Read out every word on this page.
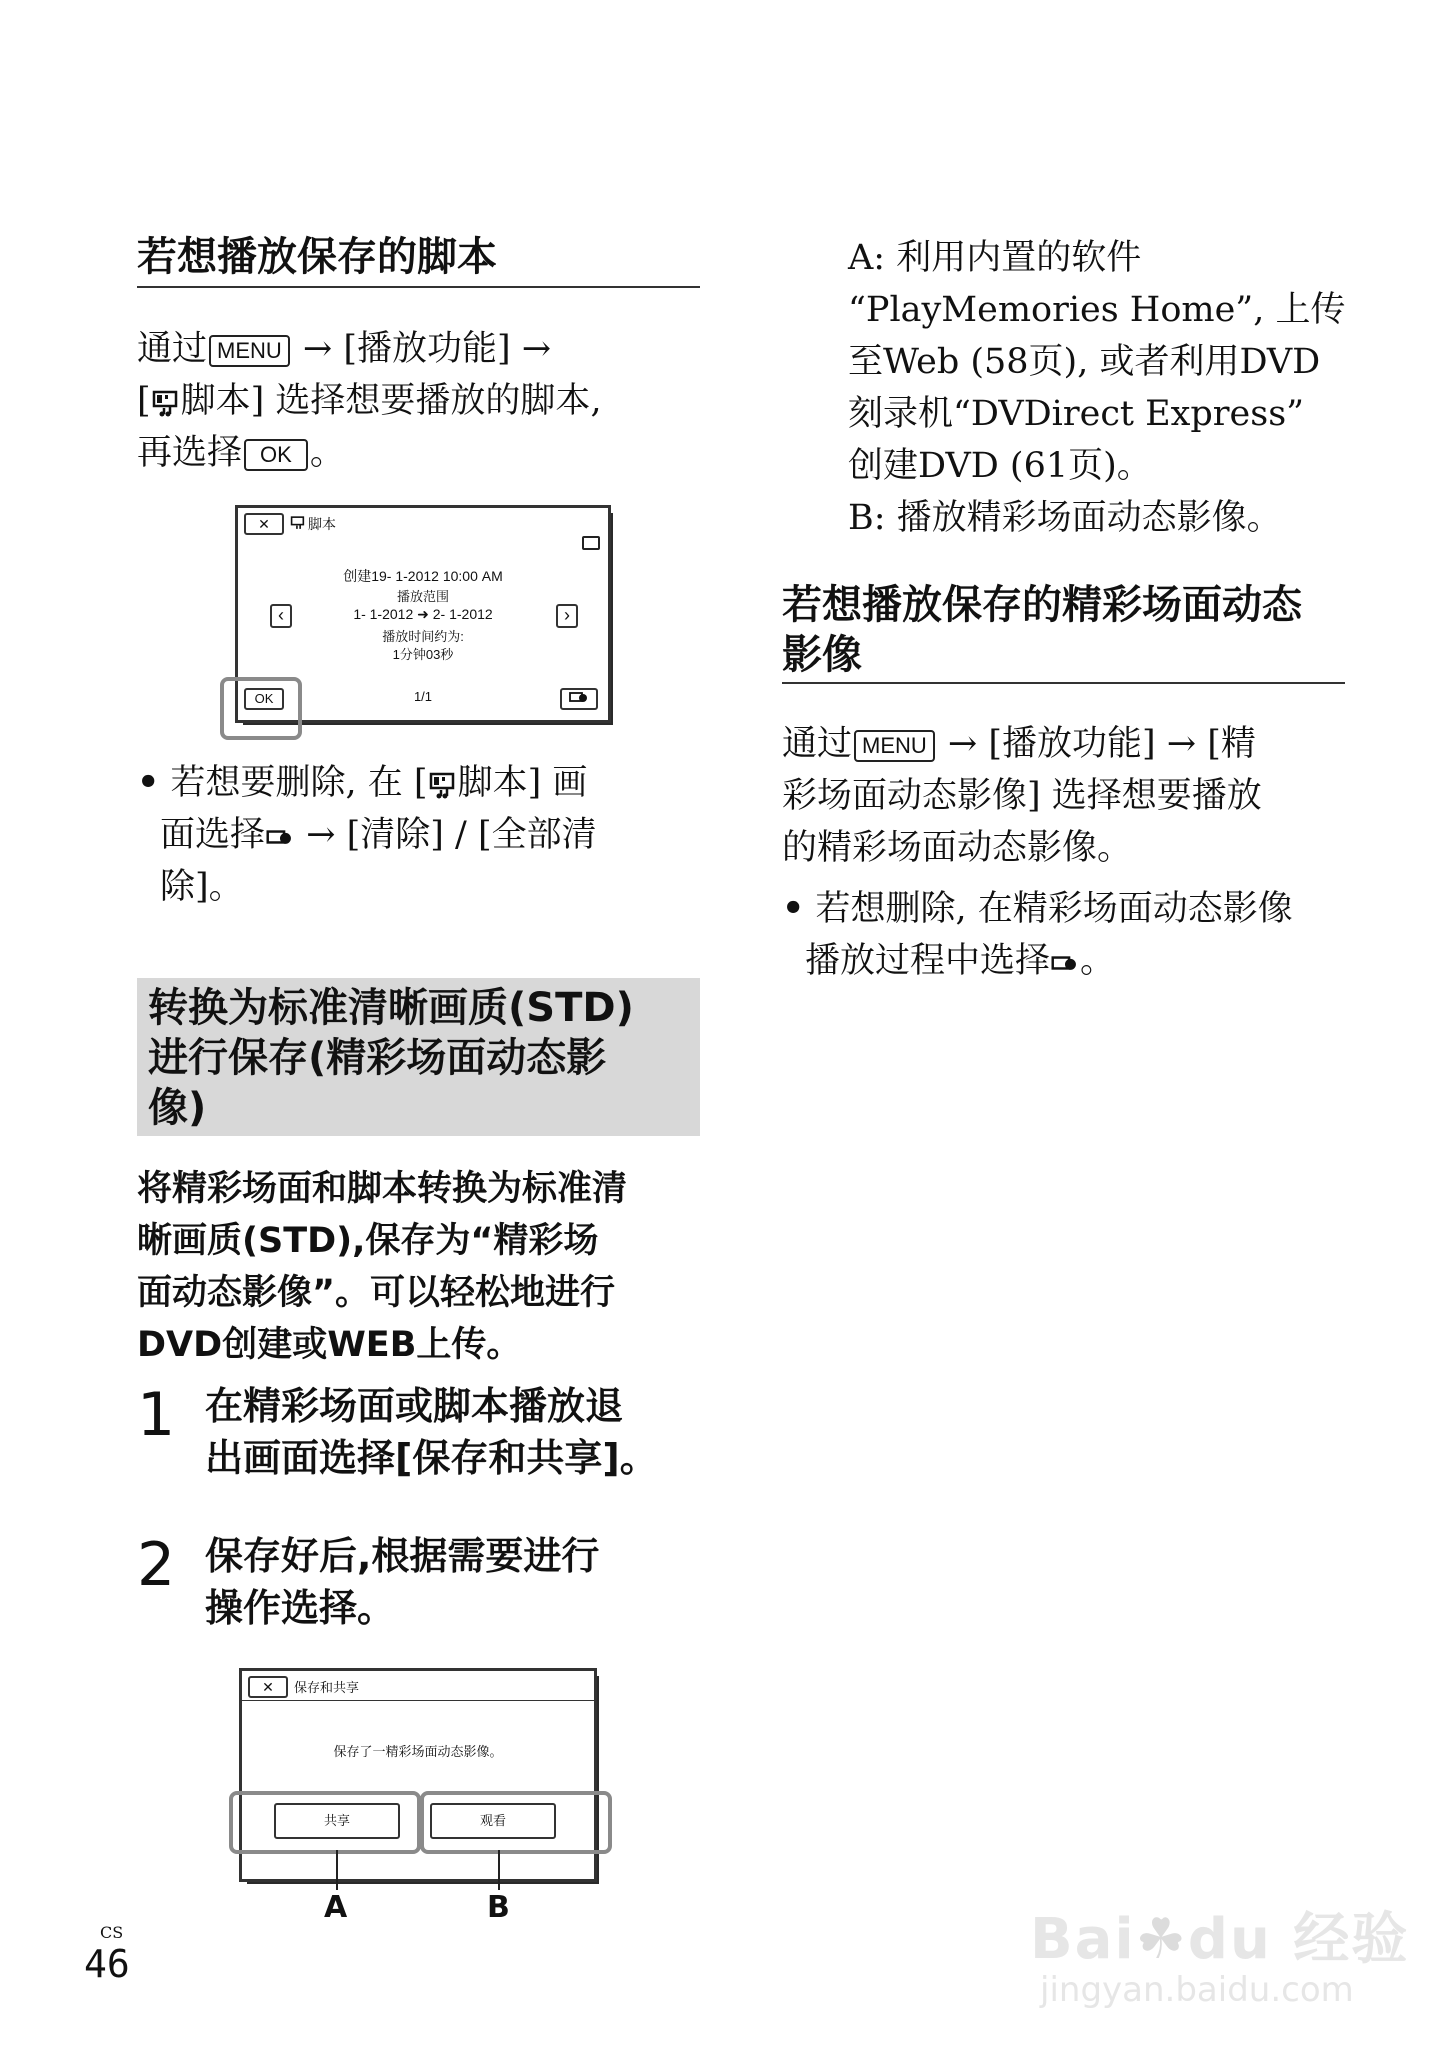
若想播放保存的脚本
通过 MENU → [播放功能] →
[ 脚本] 选择想要播放的脚本,
再选择 OK 。
✕	脚本
创建19- 1-2012 10:00 AM
播放范围
1- 1-2012 ➜ 2- 1-2012
播放时间约为:
1分钟03秒
‹	›
OK	1/1
• 若想要删除, 在 [ 脚本] 画
面选择 → [清除] / [全部清
除]。
转换为标准清晰画质(STD)
进行保存(精彩场面动态影
像)
将精彩场面和脚本转换为标准清
晰画质(STD),保存为“精彩场
面动态影像”。可以轻松地进行
DVD创建或WEB上传。
1 在精彩场面或脚本播放退
出画面选择[保存和共享]。
2 保存好后,根据需要进行
操作选择。
✕	保存和共享
保存了一精彩场面动态影像。
共享	观看
A	B
A: 利用内置的软件
“PlayMemories Home”, 上传
至Web (58页), 或者利用DVD
刻录机“DVDirect Express”
创建DVD (61页)。
B: 播放精彩场面动态影像。
若想播放保存的精彩场面动态
影像
通过 MENU → [播放功能] → [精
彩场面动态影像] 选择想要播放
的精彩场面动态影像。
• 若想删除, 在精彩场面动态影像
播放过程中选择 。
CS
46	Bai☘du 经验
jingyan.baidu.com
